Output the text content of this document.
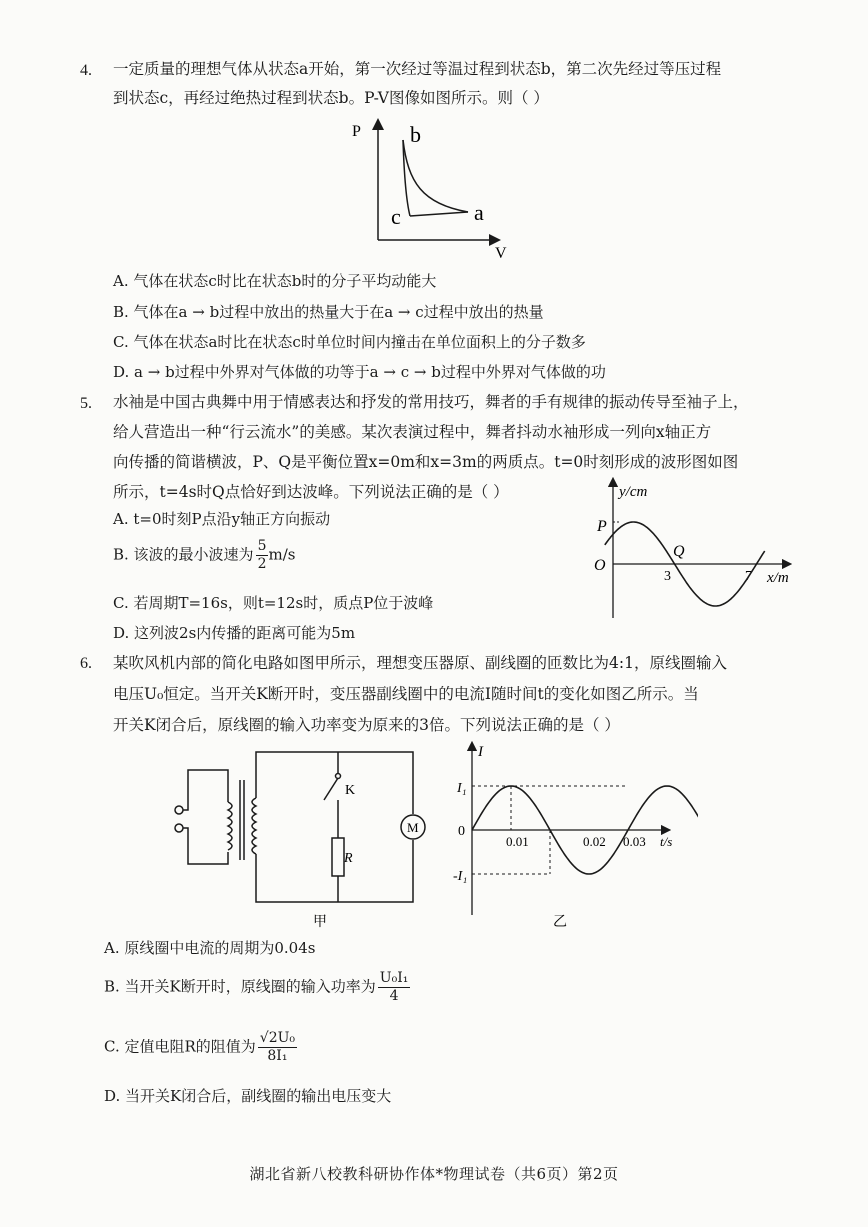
4. 一定质量的理想气体从状态a开始，第一次经过等温过程到状态b，第二次先经过等压过程
到状态c，再经过绝热过程到状态b。P-V图像如图所示。则（ ）
P
V
b
c	a
A. 气体在状态c时比在状态b时的分子平均动能大
B. 气体在a → b过程中放出的热量大于在a → c过程中放出的热量
C. 气体在状态a时比在状态c时单位时间内撞击在单位面积上的分子数多
D. a → b过程中外界对气体做的功等于a → c → b过程中外界对气体做的功
5. 水袖是中国古典舞中用于情感表达和抒发的常用技巧，舞者的手有规律的振动传导至袖子上，
给人营造出一种“行云流水”的美感。某次表演过程中，舞者抖动水袖形成一列向x轴正方
向传播的简谐横波，P、Q是平衡位置x=0m和x=3m的两质点。t=0时刻形成的波形图如图
所示，t=4s时Q点恰好到达波峰。下列说法正确的是（ ）
A. t=0时刻P点沿y轴正方向振动
B. 该波的最小波速为 $\frac{5}{2} m/s$
C. 若周期T=16s，则t=12s时，质点P位于波峰
D. 这列波2s内传播的距离可能为5m
y/cm
x/m
P
O
Q
3	7
6. 某吹风机内部的简化电路如图甲所示，理想变压器原、副线圈的匝数比为4:1，原线圈输入
电压U₀恒定。当开关K断开时，变压器副线圈中的电流I随时间t的变化如图乙所示。当
开关K闭合后，原线圈的输入功率变为原来的3倍。下列说法正确的是（ ）
K
R
M
甲
I
I₁
-I₁
0
0.01	0.02 0.03 t/s
乙
A. 原线圈中电流的周期为0.04s
B. 当开关K断开时，原线圈的输入功率为 $\frac{\text{U₀I₁}}{4}$
C. 定值电阻R的阻值为 $\frac{\text{√2U₀}}{\text{8I₁}}$
D. 当开关K闭合后，副线圈的输出电压变大
湖北省新八校教科研协作体*物理试卷（共6页）第2页
